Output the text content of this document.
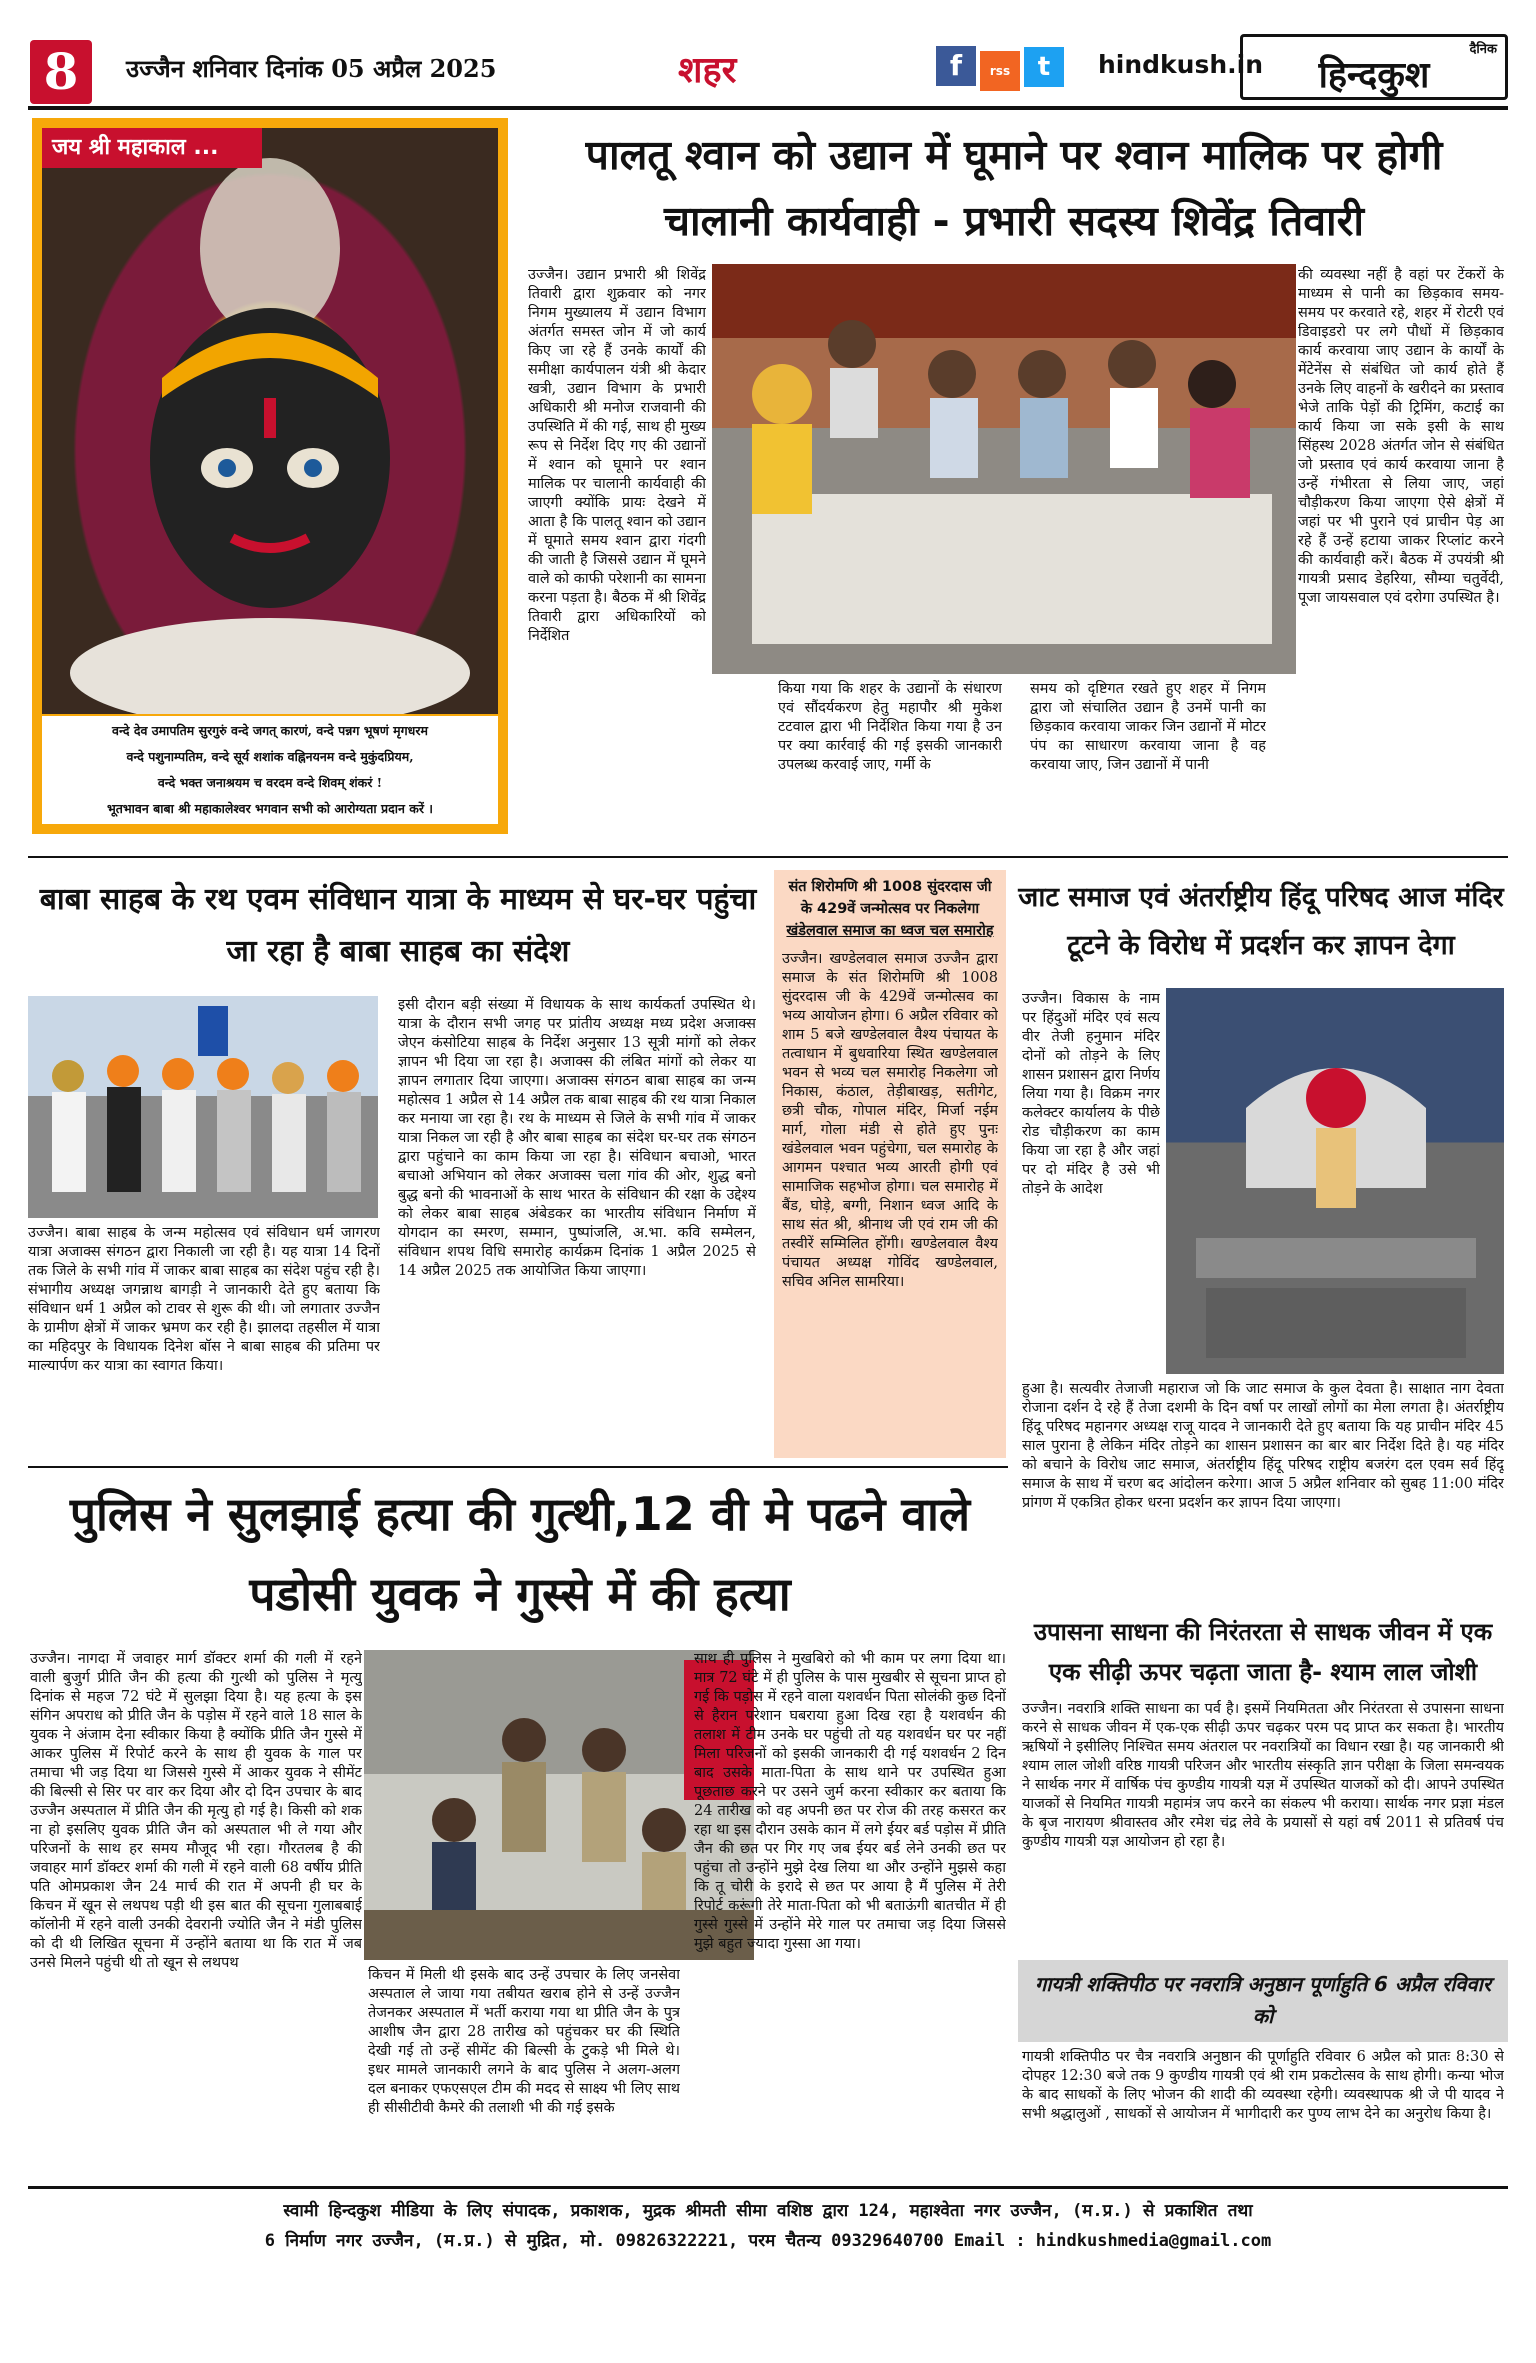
8	उज्जैन शनिवार दिनांक 05 अप्रैल 2025	शहर	f rss t	hindkush.in
दैनिक
हिन्दकुश
जय श्री महाकाल ...
वन्दे देव उमापतिम सुरगुरुं वन्दे जगत् कारणं, वन्दे पन्नग भूषणं मृगधरम
वन्दे पशुनाम्पतिम, वन्दे सूर्य शशांक वह्निनयनम वन्दे मुकुंदप्रियम,
वन्दे भक्त जनाश्रयम च वरदम वन्दे शिवम् शंकरं !
भूतभावन बाबा श्री महाकालेश्वर भगवान सभी को आरोग्यता प्रदान करें ।
पालतू श्वान को उद्यान में घूमाने पर श्वान मालिक पर होगी चालानी कार्यवाही - प्रभारी सदस्य शिवेंद्र तिवारी
उज्जैन। उद्यान प्रभारी श्री शिवेंद्र तिवारी द्वारा शुक्रवार को नगर निगम मुख्यालय में उद्यान विभाग अंतर्गत समस्त जोन में जो कार्य किए जा रहे हैं उनके कार्यों की समीक्षा कार्यपालन यंत्री श्री केदार खत्री, उद्यान विभाग के प्रभारी अधिकारी श्री मनोज राजवानी की उपस्थिति में की गई, साथ ही मुख्य रूप से निर्देश दिए गए की उद्यानों में श्वान को घूमाने पर श्वान मालिक पर चालानी कार्यवाही की जाएगी क्योंकि प्रायः देखने में आता है कि पालतू श्वान को उद्यान में घूमाते समय श्वान द्वारा गंदगी की जाती है जिससे उद्यान में घूमने वाले को काफी परेशानी का सामना करना पड़ता है। बैठक में श्री शिवेंद्र तिवारी द्वारा अधिकारियों को निर्देशित
किया गया कि शहर के उद्यानों के संधारण एवं सौंदर्यकरण हेतु महापौर श्री मुकेश टटवाल द्वारा भी निर्देशित किया गया है उन पर क्या कार्रवाई की गई इसकी जानकारी उपलब्ध करवाई जाए, गर्मी के
समय को दृष्टिगत रखते हुए शहर में निगम द्वारा जो संचालित उद्यान है उनमें पानी का छिड़काव करवाया जाकर जिन उद्यानों में मोटर पंप का साधारण करवाया जाना है वह करवाया जाए, जिन उद्यानों में पानी
की व्यवस्था नहीं है वहां पर टेंकरों के माध्यम से पानी का छिड़काव समय-समय पर करवाते रहे, शहर में रोटरी एवं डिवाइडरो पर लगे पौधों में छिड़काव कार्य करवाया जाए उद्यान के कार्यों के मेंटेनेंस से संबंधित जो कार्य होते हैं उनके लिए वाहनों के खरीदने का प्रस्ताव भेजे ताकि पेड़ों की ट्रिमिंग, कटाई का कार्य किया जा सके इसी के साथ सिंहस्थ 2028 अंतर्गत जोन से संबंधित जो प्रस्ताव एवं कार्य करवाया जाना है उन्हें गंभीरता से लिया जाए, जहां चौड़ीकरण किया जाएगा ऐसे क्षेत्रों में जहां पर भी पुराने एवं प्राचीन पेड़ आ रहे हैं उन्हें हटाया जाकर रिप्लांट करने की कार्यवाही करें। बैठक में उपयंत्री श्री गायत्री प्रसाद डेहरिया, सौम्या चतुर्वेदी, पूजा जायसवाल एवं दरोगा उपस्थित है।
बाबा साहब के रथ एवम संविधान यात्रा के माध्यम से घर-घर पहुंचा जा रहा है बाबा साहब का संदेश
उज्जैन। बाबा साहब के जन्म महोत्सव एवं संविधान धर्म जागरण यात्रा अजाक्स संगठन द्वारा निकाली जा रही है। यह यात्रा 14 दिनों तक जिले के सभी गांव में जाकर बाबा साहब का संदेश पहुंच रही है। संभागीय अध्यक्ष जगन्नाथ बागड़ी ने जानकारी देते हुए बताया कि संविधान धर्म 1 अप्रैल को टावर से शुरू की थी। जो लगातार उज्जैन के ग्रामीण क्षेत्रों में जाकर भ्रमण कर रही है। झालदा तहसील में यात्रा का महिदपुर के विधायक दिनेश बॉस ने बाबा साहब की प्रतिमा पर माल्यार्पण कर यात्रा का स्वागत किया।
इसी दौरान बड़ी संख्या में विधायक के साथ कार्यकर्ता उपस्थित थे। यात्रा के दौरान सभी जगह पर प्रांतीय अध्यक्ष मध्य प्रदेश अजाक्स जेएन कंसोटिया साहब के निर्देश अनुसार 13 सूत्री मांगों को लेकर ज्ञापन भी दिया जा रहा है। अजाक्स की लंबित मांगों को लेकर या ज्ञापन लगातार दिया जाएगा। अजाक्स संगठन बाबा साहब का जन्म महोत्सव 1 अप्रैल से 14 अप्रैल तक बाबा साहब की रथ यात्रा निकाल कर मनाया जा रहा है। रथ के माध्यम से जिले के सभी गांव में जाकर यात्रा निकल जा रही है और बाबा साहब का संदेश घर-घर तक संगठन द्वारा पहुंचाने का काम किया जा रहा है। संविधान बचाओ, भारत बचाओ अभियान को लेकर अजाक्स चला गांव की ओर, शुद्ध बनो बुद्ध बनो की भावनाओं के साथ भारत के संविधान की रक्षा के उद्देश्य को लेकर बाबा साहब अंबेडकर का भारतीय संविधान निर्माण में योगदान का स्मरण, सम्मान, पुष्पांजलि, अ.भा. कवि सम्मेलन, संविधान शपथ विधि समारोह कार्यक्रम दिनांक 1 अप्रैल 2025 से 14 अप्रैल 2025 तक आयोजित किया जाएगा।
संत शिरोमणि श्री 1008 सुंदरदास जी
के 429वें जन्मोत्सव पर निकलेगा
खंडेलवाल समाज का ध्वज चल समारोह
उज्जैन। खण्डेलवाल समाज उज्जैन द्वारा समाज के संत शिरोमणि श्री 1008 सुंदरदास जी के 429वें जन्मोत्सव का भव्य आयोजन होगा। 6 अप्रैल रविवार को शाम 5 बजे खण्डेलवाल वैश्य पंचायत के तत्वाधान में बुधवारिया स्थित खण्डेलवाल भवन से भव्य चल समारोह निकलेगा जो निकास, कंठाल, तेड़ीबाखड़, सतीगेट, छत्री चौक, गोपाल मंदिर, मिर्जा नईम मार्ग, गोला मंडी से होते हुए पुनः खंडेलवाल भवन पहुंचेगा, चल समारोह के आगमन पश्चात भव्य आरती होगी एवं सामाजिक सहभोज होगा। चल समारोह में बैंड, घोड़े, बग्गी, निशान ध्वज आदि के साथ संत श्री, श्रीनाथ जी एवं राम जी की तस्वीरें सम्मिलित होंगी। खण्डेलवाल वैश्य पंचायत अध्यक्ष गोविंद खण्डेलवाल, सचिव अनिल सामरिया।
जाट समाज एवं अंतर्राष्ट्रीय हिंदू परिषद आज मंदिर टूटने के विरोध में प्रदर्शन कर ज्ञापन देगा
उज्जैन। विकास के नाम पर हिंदुओं मंदिर एवं सत्य वीर तेजी हनुमान मंदिर दोनों को तोड़ने के लिए शासन प्रशासन द्वारा निर्णय लिया गया है। विक्रम नगर कलेक्टर कार्यालय के पीछे रोड चौड़ीकरण का काम किया जा रहा है और जहां पर दो मंदिर है उसे भी तोड़ने के आदेश
हुआ है। सत्यवीर तेजाजी महाराज जो कि जाट समाज के कुल देवता है। साक्षात नाग देवता रोजाना दर्शन दे रहे हैं तेजा दशमी के दिन वर्षा पर लाखों लोगों का मेला लगता है। अंतर्राष्ट्रीय हिंदू परिषद महानगर अध्यक्ष राजू यादव ने जानकारी देते हुए बताया कि यह प्राचीन मंदिर 45 साल पुराना है लेकिन मंदिर तोड़ने का शासन प्रशासन का बार बार निर्देश दिते है। यह मंदिर को बचाने के विरोध जाट समाज, अंतर्राष्ट्रीय हिंदू परिषद राष्ट्रीय बजरंग दल एवम सर्व हिंदू समाज के साथ में चरण बद आंदोलन करेगा। आज 5 अप्रैल शनिवार को सुबह 11:00 मंदिर प्रांगण में एकत्रित होकर धरना प्रदर्शन कर ज्ञापन दिया जाएगा।
पुलिस ने सुलझाई हत्या की गुत्थी,12 वी मे पढने वाले पडोसी युवक ने गुस्से में की हत्या
उज्जैन। नागदा में जवाहर मार्ग डॉक्टर शर्मा की गली में रहने वाली बुजुर्ग प्रीति जैन की हत्या की गुत्थी को पुलिस ने मृत्यु दिनांक से महज 72 घंटे में सुलझा दिया है। यह हत्या के इस संगिन अपराध को प्रीति जैन के पड़ोस में रहने वाले 18 साल के युवक ने अंजाम देना स्वीकार किया है क्योंकि प्रीति जैन गुस्से में आकर पुलिस में रिपोर्ट करने के साथ ही युवक के गाल पर तमाचा भी जड़ दिया था जिससे गुस्से में आकर युवक ने सीमेंट की बिल्सी से सिर पर वार कर दिया और दो दिन उपचार के बाद उज्जैन अस्पताल में प्रीति जैन की मृत्यु हो गई है। किसी को शक ना हो इसलिए युवक प्रीति जैन को अस्पताल भी ले गया और परिजनों के साथ हर समय मौजूद भी रहा। गौरतलब है की जवाहर मार्ग डॉक्टर शर्मा की गली में रहने वाली 68 वर्षीय प्रीति पति ओमप्रकाश जैन 24 मार्च की रात में अपनी ही घर के किचन में खून से लथपथ पड़ी थी इस बात की सूचना गुलाबबाई कॉलोनी में रहने वाली उनकी देवरानी ज्योति जैन ने मंडी पुलिस को दी थी लिखित सूचना में उन्होंने बताया था कि रात में जब उनसे मिलने पहुंची थी तो खून से लथपथ
किचन में मिली थी इसके बाद उन्हें उपचार के लिए जनसेवा अस्पताल ले जाया गया तबीयत खराब होने से उन्हें उज्जैन तेजनकर अस्पताल में भर्ती कराया गया था प्रीति जैन के पुत्र आशीष जैन द्वारा 28 तारीख को पहुंचकर घर की स्थिति देखी गई तो उन्हें सीमेंट की बिल्सी के टुकड़े भी मिले थे। इधर मामले जानकारी लगने के बाद पुलिस ने अलग-अलग दल बनाकर एफएसएल टीम की मदद से साक्ष्य भी लिए साथ ही सीसीटीवी कैमरे की तलाशी भी की गई इसके
साथ ही पुलिस ने मुखबिरो को भी काम पर लगा दिया था। मात्र 72 घंटे में ही पुलिस के पास मुखबीर से सूचना प्राप्त हो गई कि पड़ोस में रहने वाला यशवर्धन पिता सोलंकी कुछ दिनों से हैरान परेशान घबराया हुआ दिख रहा है यशवर्धन की तलाश में टीम उनके घर पहुंची तो यह यशवर्धन घर पर नहीं मिला परिजनों को इसकी जानकारी दी गई यशवर्धन 2 दिन बाद उसके माता-पिता के साथ थाने पर उपस्थित हुआ पूछताछ करने पर उसने जुर्म करना स्वीकार कर बताया कि 24 तारीख को वह अपनी छत पर रोज की तरह कसरत कर रहा था इस दौरान उसके कान में लगे ईयर बर्ड पड़ोस में प्रीति जैन की छत पर गिर गए जब ईयर बर्ड लेने उनकी छत पर पहुंचा तो उन्होंने मुझे देख लिया था और उन्होंने मुझसे कहा कि तू चोरी के इरादे से छत पर आया है मैं पुलिस में तेरी रिपोर्ट करूंगी तेरे माता-पिता को भी बताऊंगी बातचीत में ही गुस्से गुस्से में उन्होंने मेरे गाल पर तमाचा जड़ दिया जिससे मुझे बहुत ज्यादा गुस्सा आ गया।
उपासना साधना की निरंतरता से साधक जीवन में एक एक सीढ़ी ऊपर चढ़ता जाता है- श्याम लाल जोशी
उज्जैन। नवरात्रि शक्ति साधना का पर्व है। इसमें नियमितता और निरंतरता से उपासना साधना करने से साधक जीवन में एक-एक सीढ़ी ऊपर चढ़कर परम पद प्राप्त कर सकता है। भारतीय ऋषियों ने इसीलिए निश्चित समय अंतराल पर नवरात्रियों का विधान रखा है। यह जानकारी श्री श्याम लाल जोशी वरिष्ठ गायत्री परिजन और भारतीय संस्कृति ज्ञान परीक्षा के जिला समन्वयक ने सार्थक नगर में वार्षिक पंच कुण्डीय गायत्री यज्ञ में उपस्थित याजकों को दी। आपने उपस्थित याजकों से नियमित गायत्री महामंत्र जप करने का संकल्प भी कराया। सार्थक नगर प्रज्ञा मंडल के बृज नारायण श्रीवास्तव और रमेश चंद्र लेवे के प्रयासों से यहां वर्ष 2011 से प्रतिवर्ष पंच कुण्डीय गायत्री यज्ञ आयोजन हो रहा है।
गायत्री शक्तिपीठ पर नवरात्रि अनुष्ठान पूर्णाहुति 6 अप्रैल रविवार को
गायत्री शक्तिपीठ पर चैत्र नवरात्रि अनुष्ठान की पूर्णाहुति रविवार 6 अप्रैल को प्रातः 8:30 से दोपहर 12:30 बजे तक 9 कुण्डीय गायत्री एवं श्री राम प्रकटोत्सव के साथ होगी। कन्या भोज के बाद साधकों के लिए भोजन की शादी की व्यवस्था रहेगी। व्यवस्थापक श्री जे पी यादव ने सभी श्रद्धालुओं , साधकों से आयोजन में भागीदारी कर पुण्य लाभ देने का अनुरोध किया है।
स्वामी हिन्दकुश मीडिया के लिए संपादक, प्रकाशक, मुद्रक श्रीमती सीमा वशिष्ठ द्वारा 124, महाश्वेता नगर उज्जैन, (म.प्र.) से प्रकाशित तथा
6 निर्माण नगर उज्जैन, (म.प्र.) से मुद्रित, मो. 09826322221, परम चैतन्य 09329640700 Email : hindkushmedia@gmail.com
